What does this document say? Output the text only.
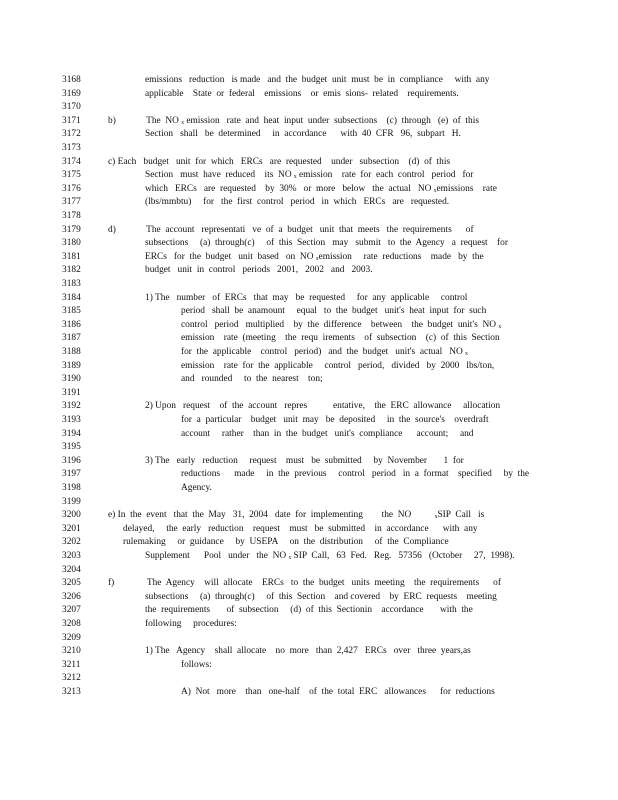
3168	emissions   reduction   is made   and  the  budget  unit  must  be  in  compliance     with  any
3169	applicable    State  or  federal    emissions    or  emis  sions-  related    requirements.
3170
3171	b)             The  NO ₓ emission   rate  and  heat  input  under  subsections    (c)  through   (e)  of  this
3172	Section   shall   be  determined     in  accordance      with  40  CFR   96,  subpart   H.
3173
3174	c) Each   budget   unit  for  which   ERCs   are  requested    under   subsection    (d)  of  this
3175	Section   must  have  reduced    its  NO ₓ emission    rate  for  each  control   period   for
3176	which   ERCs   are  requested    by  30%   or  more   below   the  actual   NO ₓemissions    rate
3177	(lbs/mmbtu)     for   the  first  control   period   in  which   ERCs   are   requested.
3178
3179	d)             The  account   representati   ve  of  a  budget   unit  that  meets   the  requirements      of
3180	subsections     (a)  through(c)     of  this  Section   may   submit   to  the  Agency   a  request    for
3181	ERCs   for  the  budget   unit  based   on  NO ₓemission     rate  reductions    made   by  the
3182	budget   unit  in  control   periods   2001,   2002   and   2003.
3183
3184	1) The   number   of  ERCs   that  may   be  requested     for  any  applicable     control
3185	period   shall  be  anamount     equal   to  the  budget   unit's  heat  input  for  such
3186	control   period   multiplied    by  the  difference    between    the  budget  unit's  NO ₓ
3187	emission    rate  (meeting    the  requ  irements    of  subsection    (c)  of  this  Section
3188	for  the  applicable    control   period)   and  the  budget   unit's  actual   NO ₓ
3189	emission    rate  for  the  applicable     control   period,   divided   by  2000   lbs/ton,
3190	and   rounded     to  the  nearest    ton;
3191
3192	2) Upon   request    of  the  account   repres           entative,    the  ERC  allowance     allocation
3193	for  a  particular    budget   unit  may   be  deposited     in  the  source's    overdraft
3194	account     rather    than  in  the  budget   unit's  compliance      account;     and
3195
3196	3) The   early   reduction     request    must   be  submitted     by  November       1  for
3197	reductions      made     in  the  previous     control   period   in  a  format    specified     by  the
3198	Agency.
3199
3200	e) In  the  event   that  the  May   31,  2004   date  for  implementing        the  NO          ₓSIP  Call   is
3201	delayed,     the  early   reduction    request    must   be  submitted    in  accordance      with  any
3202	rulemaking     or  guidance     by  USEPA     on  the  distribution     of  the  Compliance
3203	Supplement      Pool   under   the  NO ₓ SIP  Call,   63  Fed.   Reg.   57356   (October     27,  1998).
3204
3205	f)              The  Agency    will  allocate    ERCs   to  the  budget   units  meeting    the  requirements      of
3206	subsections     (a)  through(c)     of  this  Section    and covered    by  ERC  requests    meeting
3207	the  requirements       of  subsection     (d)  of  this  Sectionin    accordance       with  the
3208	following     procedures:
3209
3210	1) The   Agency    shall  allocate    no  more   than  2,427   ERCs   over   three  years,as
3211	follows:
3212
3213	A)  Not   more    than   one-half    of  the  total  ERC   allowances      for  reductions
